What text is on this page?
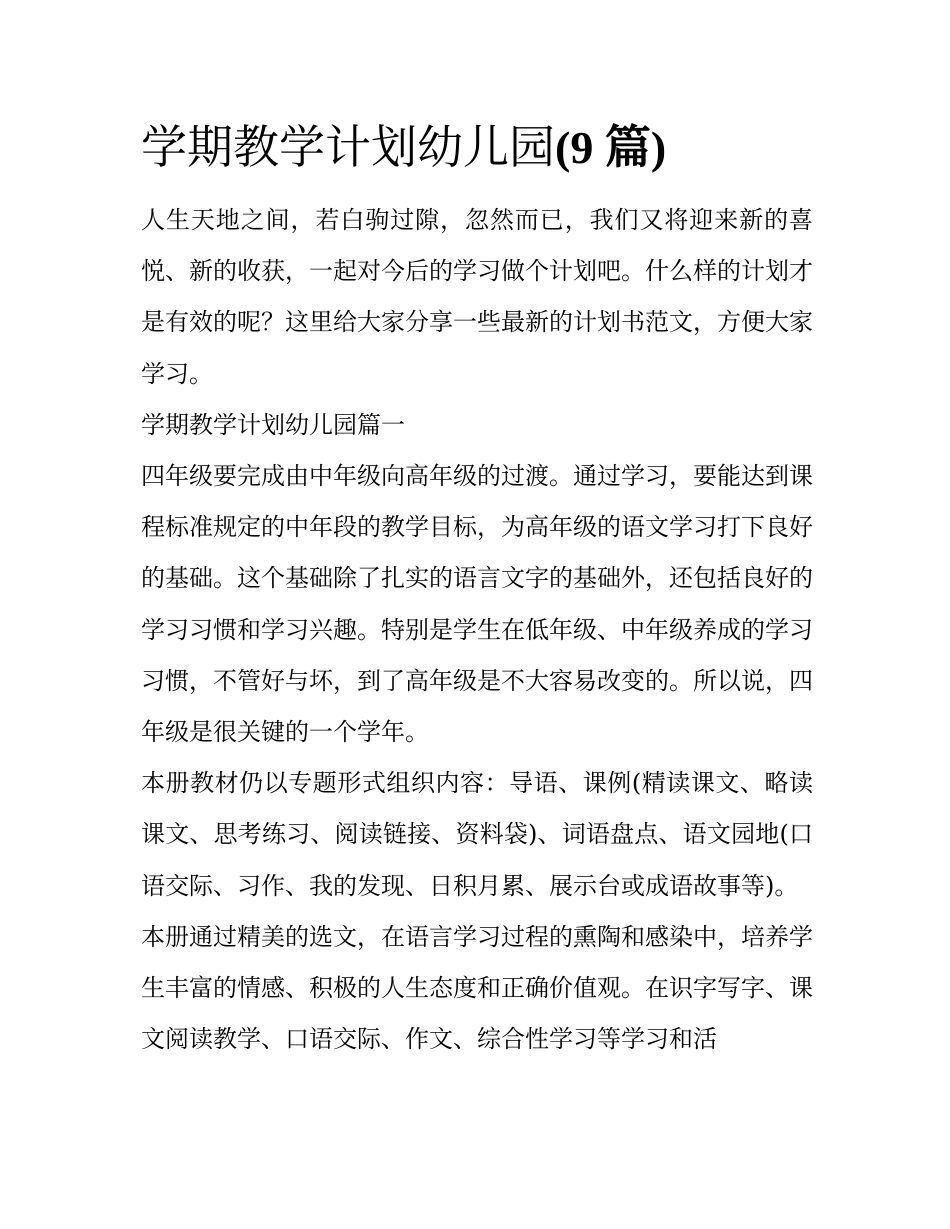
学期教学计划幼儿园(9 篇)

人生天地之间，若白驹过隙，忽然而已，我们又将迎来新的喜悦、新的收获，一起对今后的学习做个计划吧。什么样的计划才是有效的呢？这里给大家分享一些最新的计划书范文，方便大家学习。

学期教学计划幼儿园篇一

四年级要完成由中年级向高年级的过渡。通过学习，要能达到课程标准规定的中年段的教学目标，为高年级的语文学习打下良好的基础。这个基础除了扎实的语言文字的基础外，还包括良好的学习习惯和学习兴趣。特别是学生在低年级、中年级养成的学习习惯，不管好与坏，到了高年级是不大容易改变的。所以说，四年级是很关键的一个学年。

本册教材仍以专题形式组织内容：导语、课例(精读课文、略读课文、思考练习、阅读链接、资料袋)、词语盘点、语文园地(口语交际、习作、我的发现、日积月累、展示台或成语故事等)。

本册通过精美的选文，在语言学习过程的熏陶和感染中，培养学生丰富的情感、积极的人生态度和正确价值观。在识字写字、课文阅读教学、口语交际、作文、综合性学习等学习和活
